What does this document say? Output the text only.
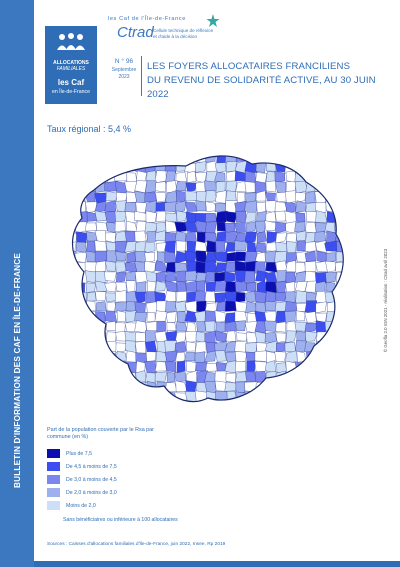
BULLETIN D'INFORMATION DES CAF EN ÎLE-DE-FRANCE
ALLOCATIONS
FAMILIALES
les Caf
en Île-de-France
les Caf de l'Île-de-France
Ctrad Cellule technique de réflexion
et d'aide à la décision
N ° 96
Septembre
2023
LES FOYERS ALLOCATAIRES FRANCILIENS
DU REVENU DE SOLIDARITÉ ACTIVE, AU 30 JUIN 2022
Taux régional : 5,4 %
Part de la population couverte par le Rsa par commune (en %)
Plus de 7,5
De 4,5 à moins de 7,5
De 3,0 à moins de 4,5
De 2,0 à moins de 3,0
Moins de 2,0
Sans bénéficiaires ou inférieure à 100 allocataires
Sources : Caisses d'allocations familiales d'Île-de-France, juin 2022, Insee, Rp 2019
© Geofla 2.0 IGN 2021 - réalisation : Ctrad avril 2023
